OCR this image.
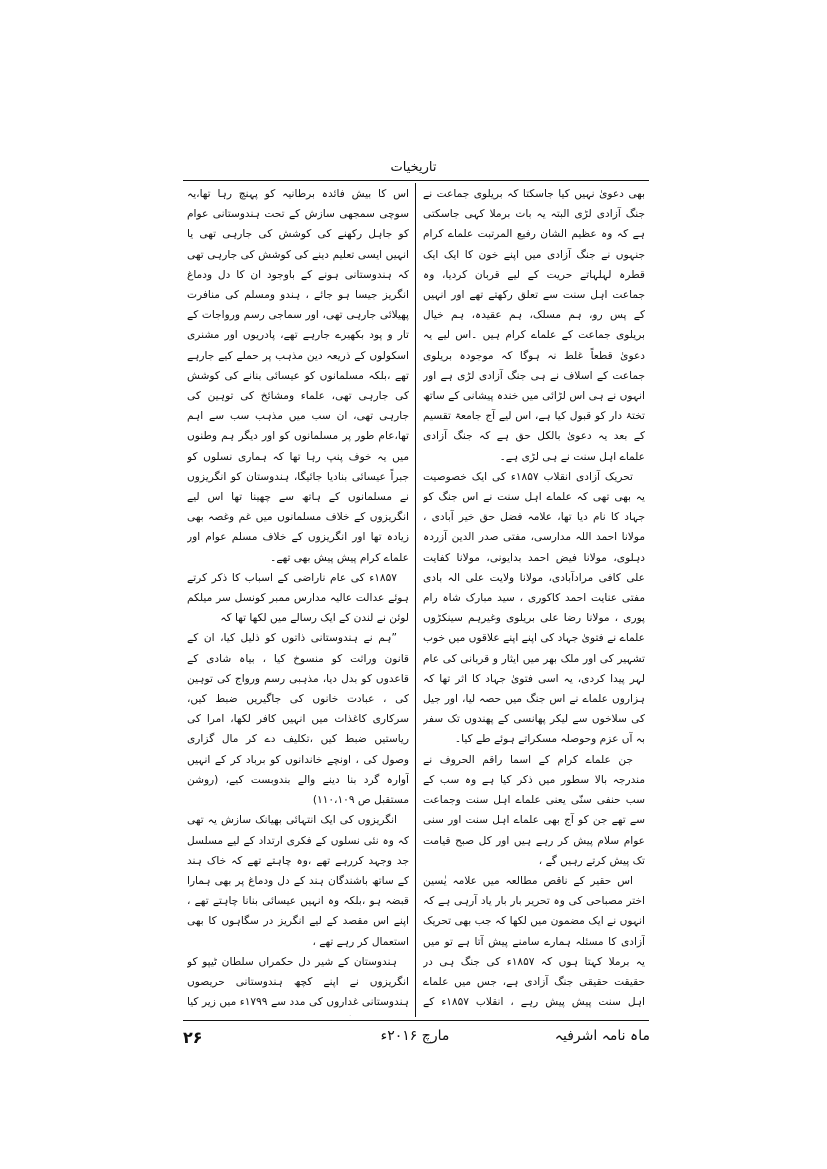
تاریخیات

بھی دعویٰ نہیں کیا جاسکتا کہ بریلوی جماعت نے جنگ آزادی لڑی البتہ یہ بات برملا کہی جاسکتی ہے کہ وہ عظیم الشان رفیع المرتبت علماے کرام جنہوں نے جنگ آزادی میں اپنے خون کا ایک ایک قطرہ لہلہاتے حریت کے لیے قربان کردیا، وہ جماعت اہل سنت سے تعلق رکھتے تھے اور انہیں کے پس رو، ہم مسلک، ہم عقیدہ، ہم خیال بریلوی جماعت کے علماے کرام ہیں ۔اس لیے یہ دعویٰ قطعاً غلط نہ ہوگا کہ موجودہ بریلوی جماعت کے اسلاف نے ہی جنگ آزادی لڑی ہے اور انہوں نے ہی اس لڑائی میں خندہ پیشانی کے ساتھ تختۂ دار کو قبول کیا ہے، اس لیے آج جامعۃ تقسیم کے بعد یہ دعویٰ بالکل حق ہے کہ جنگ آزادی علماے اہل سنت نے ہی لڑی ہے۔

تحریک آزادی انقلاب ۱۸۵۷ء کی ایک خصوصیت یہ بھی تھی کہ علماے اہل سنت نے اس جنگ کو جہاد کا نام دیا تھا، علامہ فضل حق خیر آبادی ، مولانا احمد اللہ مدارسی، مفتی صدر الدین آزردہ دہلوی، مولانا فیض احمد بدایونی، مولانا کفایت علی کافی مرادآبادی، مولانا ولایت علی الہ بادی مفتی عنایت احمد کاکوری ، سید مبارک شاہ رام پوری ، مولانا رضا علی بریلوی وغیرہم سینکڑوں علماے نے فتویٰ جہاد کی اپنے اپنے علاقوں میں خوب تشہیر کی اور ملک بھر میں ایثار و قربانی کی عام لہر پیدا کردی، یہ اسی فتویٰ جہاد کا اثر تھا کہ ہزاروں علماے نے اس جنگ میں حصہ لیا، اور جیل کی سلاخوں سے لیکر پھانسی کے پھندوں تک سفر بہ آں عزم وحوصلہ مسکراتے ہوئے طے کیا۔

جن علماے کرام کے اسما راقم الحروف نے مندرجہ بالا سطور میں ذکر کیا ہے وہ سب کے سب حنفی سنّی یعنی علماے اہل سنت وجماعت سے تھے جن کو آج بھی علماے اہل سنت اور سنی عوام سلام پیش کر رہے ہیں اور کل صبح قیامت تک پیش کرتے رہیں گے ،

اس حقیر کے ناقص مطالعہ میں علامہ یٰسین اختر مصباحی کی وہ تحریر بار بار یاد آرہی ہے کہ انہوں نے ایک مضمون میں لکھا کہ جب بھی تحریک آزادی کا مسئلہ ہمارے سامنے پیش آتا ہے تو میں یہ برملا کہتا ہوں کہ ۱۸۵۷ء کی جنگ ہی در حقیقت حقیقی جنگ آزادی ہے، جس میں علماے اہل سنت پیش پیش رہے ، انقلاب ۱۸۵۷ء کے

اس کا بیش فائدہ برطانیہ کو پہنچ رہا تھا،یہ سوچی سمجھی سازش کے تحت ہندوستانی عوام کو جاہل رکھنے کی کوشش کی جارہی تھی یا انہیں ایسی تعلیم دینے کی کوشش کی جارہی تھی کہ ہندوستانی ہونے کے باوجود ان کا دل ودماغ انگریز جیسا ہو جائے ، ہندو ومسلم کی منافرت پھیلائی جارہی تھی، اور سماجی رسم ورواجات کے تار و پود بکھیرے جارہے تھے، پادریوں اور مشنری اسکولوں کے ذریعہ دین مذہب پر حملے کیے جارہے تھے ،بلکہ مسلمانوں کو عیسائی بنانے کی کوشش کی جارہی تھی، علماء ومشائخ کی توہین کی جارہی تھی، ان سب میں مذہب سب سے اہم تھا،عام طور پر مسلمانوں کو اور دیگر ہم وطنوں میں یہ خوف پنپ رہا تھا کہ ہماری نسلوں کو جبراً عیسائی بنادیا جائیگا، ہندوستان کو انگریزوں نے مسلمانوں کے ہاتھ سے چھینا تھا اس لیے انگریزوں کے خلاف مسلمانوں میں غم وغصہ بھی زیادہ تھا اور انگریزوں کے خلاف مسلم عوام اور علماے کرام پیش پیش بھی تھے۔

۱۸۵۷ء کی عام ناراضی کے اسباب کا ذکر کرتے ہوئے عدالت عالیہ مدارس ممبر کونسل سر میلکم لوئن نے لندن کے ایک رسالے میں لکھا تھا کہ

”ہم نے ہندوستانی ذاتوں کو ذلیل کیا، ان کے قانون وراثت کو منسوخ کیا ، بیاہ شادی کے قاعدوں کو بدل دیا، مذہبی رسم ورواج کی توہین کی ، عبادت خانوں کی جاگیریں ضبط کیں، سرکاری کاغذات میں انہیں کافر لکھا، امرا کی ریاستیں ضبط کیں ،تکلیف دے کر مال گزاری وصول کی ، اونچے خاندانوں کو برباد کر کے انہیں آوارہ گرد بنا دینے والے بندوبست کیے، (روشن مستقبل ص ۱۱۰،۱۰۹)

انگریزوں کی ایک انتہائی بھیانک سازش یہ تھی کہ وہ نئی نسلوں کے فکری ارتداد کے لیے مسلسل جد وجہد کررہے تھے ،وہ چاہتے تھے کہ خاک ہند کے ساتھ باشندگان ہند کے دل ودماغ پر بھی ہمارا قبضہ ہو ،بلکہ وہ انہیں عیسائی بنانا چاہتے تھے ، اپنے اس مقصد کے لیے انگریز در سگاہوں کا بھی استعمال کر رہے تھے ،

ہندوستان کے شیر دل حکمراں سلطان ٹیپو کو انگریزوں نے اپنے کچھ ہندوستانی حریصوں ہندوستانی غداروں کی مدد سے ۱۷۹۹ء میں زیر کیا

ماہ نامہ اشرفیہ
مارچ ۲۰۱۶ء
۲۶
